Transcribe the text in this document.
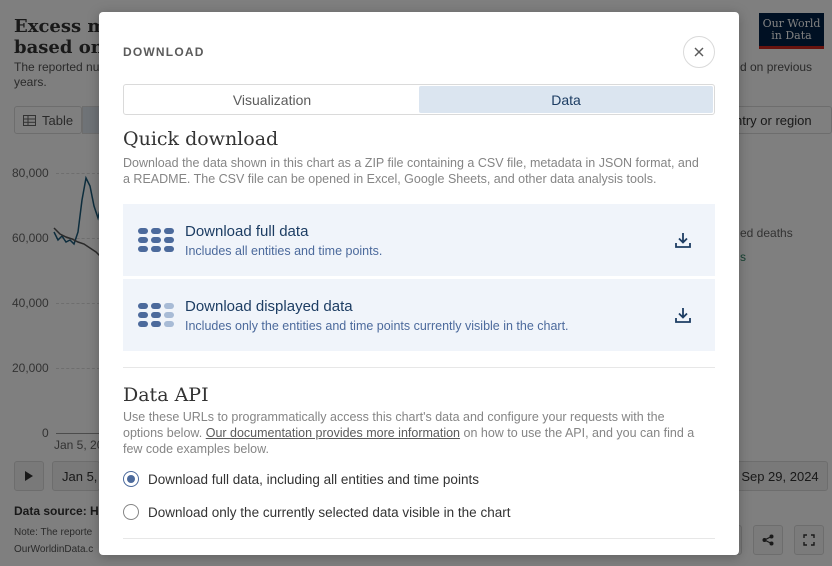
DOWNLOAD
Visualization	Data
Quick download
Download the data shown in this chart as a ZIP file containing a CSV file, metadata in JSON format, and a README. The CSV file can be opened in Excel, Google Sheets, and other data analysis tools.
Download full data
Includes all entities and time points.
Download displayed data
Includes only the entities and time points currently visible in the chart.
Data API
Use these URLs to programmatically access this chart's data and configure your requests with the options below. Our documentation provides more information on how to use the API, and you can find a few code examples below.
Download full data, including all entities and time points
Download only the currently selected data visible in the chart
